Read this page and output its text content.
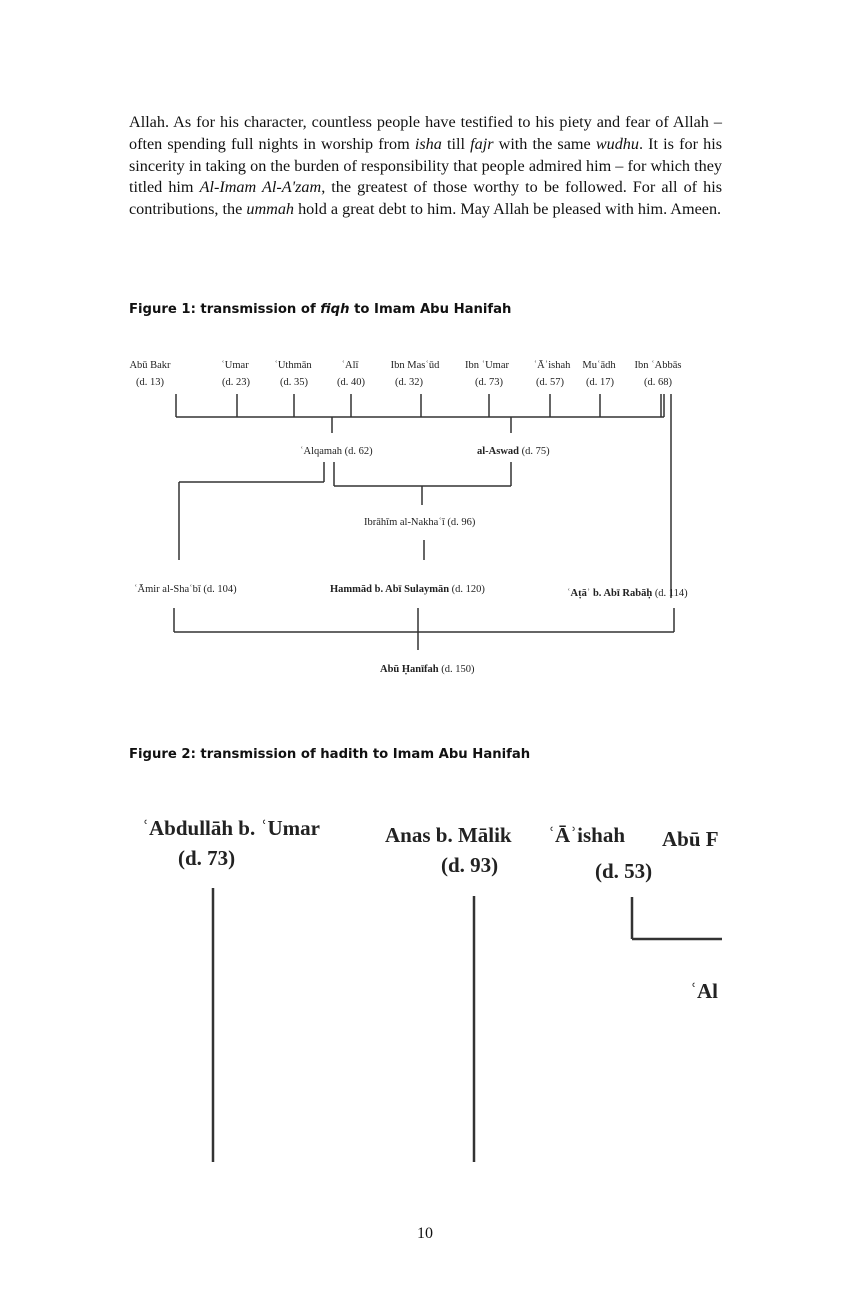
Allah. As for his character, countless people have testified to his piety and fear of Allah – often spending full nights in worship from isha till fajr with the same wudhu. It is for his sincerity in taking on the burden of responsibility that people admired him – for which they titled him Al-Imam Al-A'zam, the greatest of those worthy to be followed. For all of his contributions, the ummah hold a great debt to him. May Allah be pleased with him. Ameen.

Figure 1: transmission of fiqh to Imam Abu Hanifah

Abū Bakr
(d. 13)
ʿUmar
(d. 23)
ʿUthmān
(d. 35)
ʿAlī
(d. 40)
Ibn Masʿūd
(d. 32)
Ibn ʿUmar
(d. 73)
ʿĀʾishah
(d. 57)
Muʿādh
(d. 17)
Ibn ʿAbbās
(d. 68)
ʿAlqamah (d. 62)	al-Aswad (d. 75)
Ibrāhīm al-Nakhaʿī (d. 96)
ʿĀmir al-Shaʿbī (d. 104)	Hammād b. Abī Sulaymān (d. 120)	ʿAṭāʾ b. Abī Rabāḥ (d. 114)
Abū Ḥanīfah (d. 150)

Figure 2: transmission of hadith to Imam Abu Hanifah

ʿAbdullāh b. ʿUmar
(d. 73)
Anas b. Mālik
(d. 93)
ʿĀʾishah
(d. 53)
Abū F
ʿAl

10
